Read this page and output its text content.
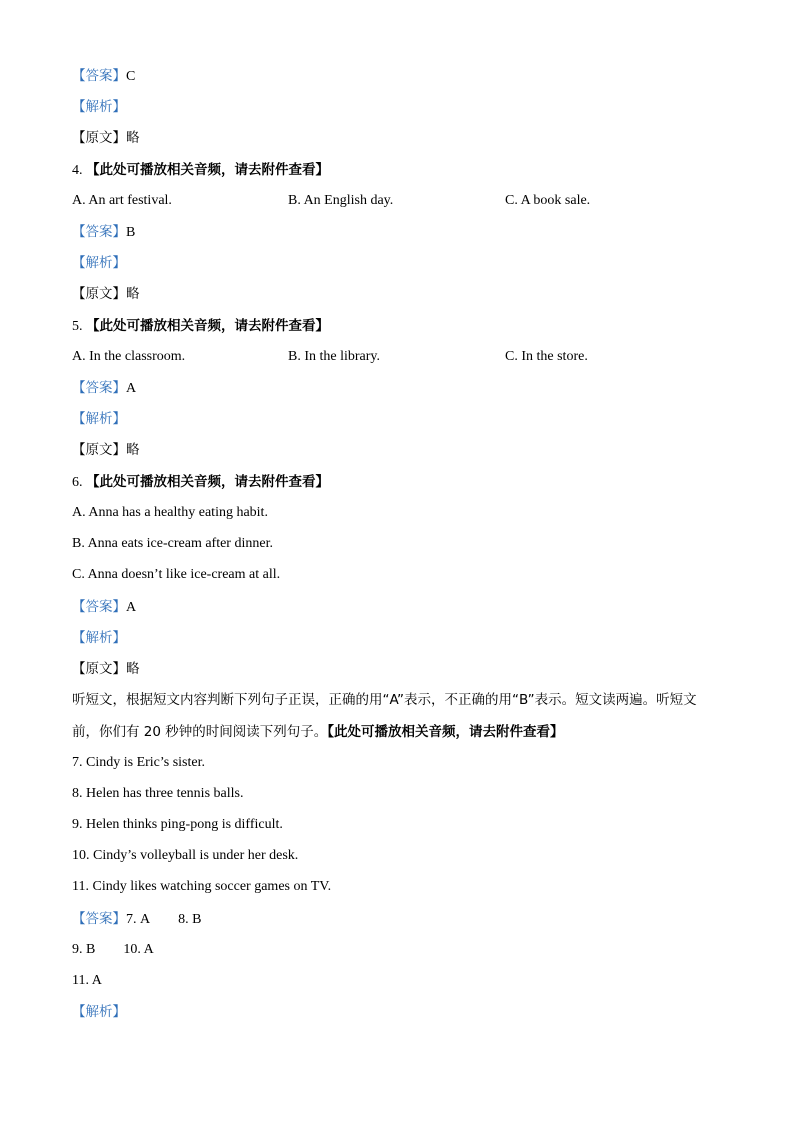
【答案】C
【解析】
【原文】略
4. 【此处可播放相关音频，请去附件查看】
A. An art festival.	B. An English day.	C. A book sale.
【答案】B
【解析】
【原文】略
5. 【此处可播放相关音频，请去附件查看】
A. In the classroom.	B. In the library.	C. In the store.
【答案】A
【解析】
【原文】略
6. 【此处可播放相关音频，请去附件查看】
A. Anna has a healthy eating habit.
B. Anna eats ice-cream after dinner.
C. Anna doesn’t like ice-cream at all.
【答案】A
【解析】
【原文】略
听短文，根据短文内容判断下列句子正误，正确的用“A”表示，不正确的用“B”表示。短文读两遍。听短文
前，你们有 20 秒钟的时间阅读下列句子。【此处可播放相关音频，请去附件查看】
7. Cindy is Eric’s sister.
8. Helen has three tennis balls.
9. Helen thinks ping-pong is difficult.
10. Cindy’s volleyball is under her desk.
11. Cindy likes watching soccer games on TV.
【答案】7. A 8. B
9. B 10. A
11. A
【解析】
